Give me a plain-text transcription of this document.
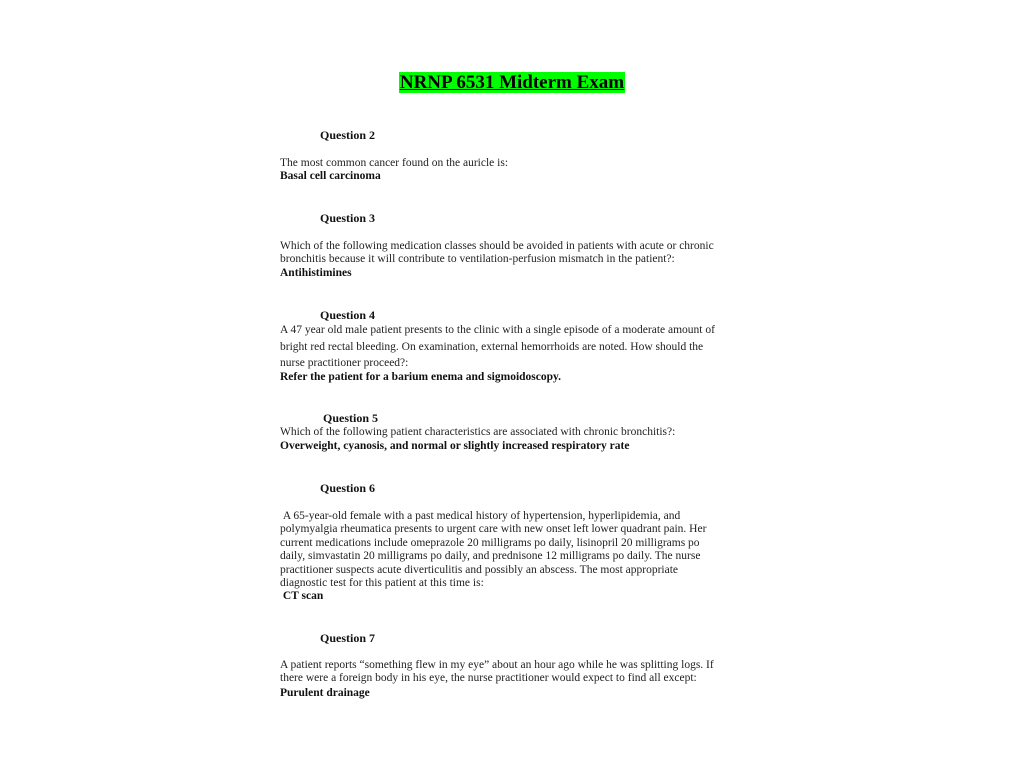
NRNP 6531 Midterm Exam
Question 2
The most common cancer found on the auricle is:
Basal cell carcinoma
Question 3
Which of the following medication classes should be avoided in patients with acute or chronic bronchitis because it will contribute to ventilation-perfusion mismatch in the patient?:
Antihistimines
Question 4
A 47 year old male patient presents to the clinic with a single episode of a moderate amount of bright red rectal bleeding. On examination, external hemorrhoids are noted. How should the nurse practitioner proceed?:
Refer the patient for a barium enema and sigmoidoscopy.
Question 5
Which of the following patient characteristics are associated with chronic bronchitis?:
Overweight, cyanosis, and normal or slightly increased respiratory rate
Question 6
A 65-year-old female with a past medical history of hypertension, hyperlipidemia, and polymyalgia rheumatica presents to urgent care with new onset left lower quadrant pain. Her current medications include omeprazole 20 milligrams po daily, lisinopril 20 milligrams po daily, simvastatin 20 milligrams po daily, and prednisone 12 milligrams po daily. The nurse practitioner suspects acute diverticulitis and possibly an abscess. The most appropriate diagnostic test for this patient at this time is:
CT scan
Question 7
A patient reports “something flew in my eye” about an hour ago while he was splitting logs. If there were a foreign body in his eye, the nurse practitioner would expect to find all except:
Purulent drainage
